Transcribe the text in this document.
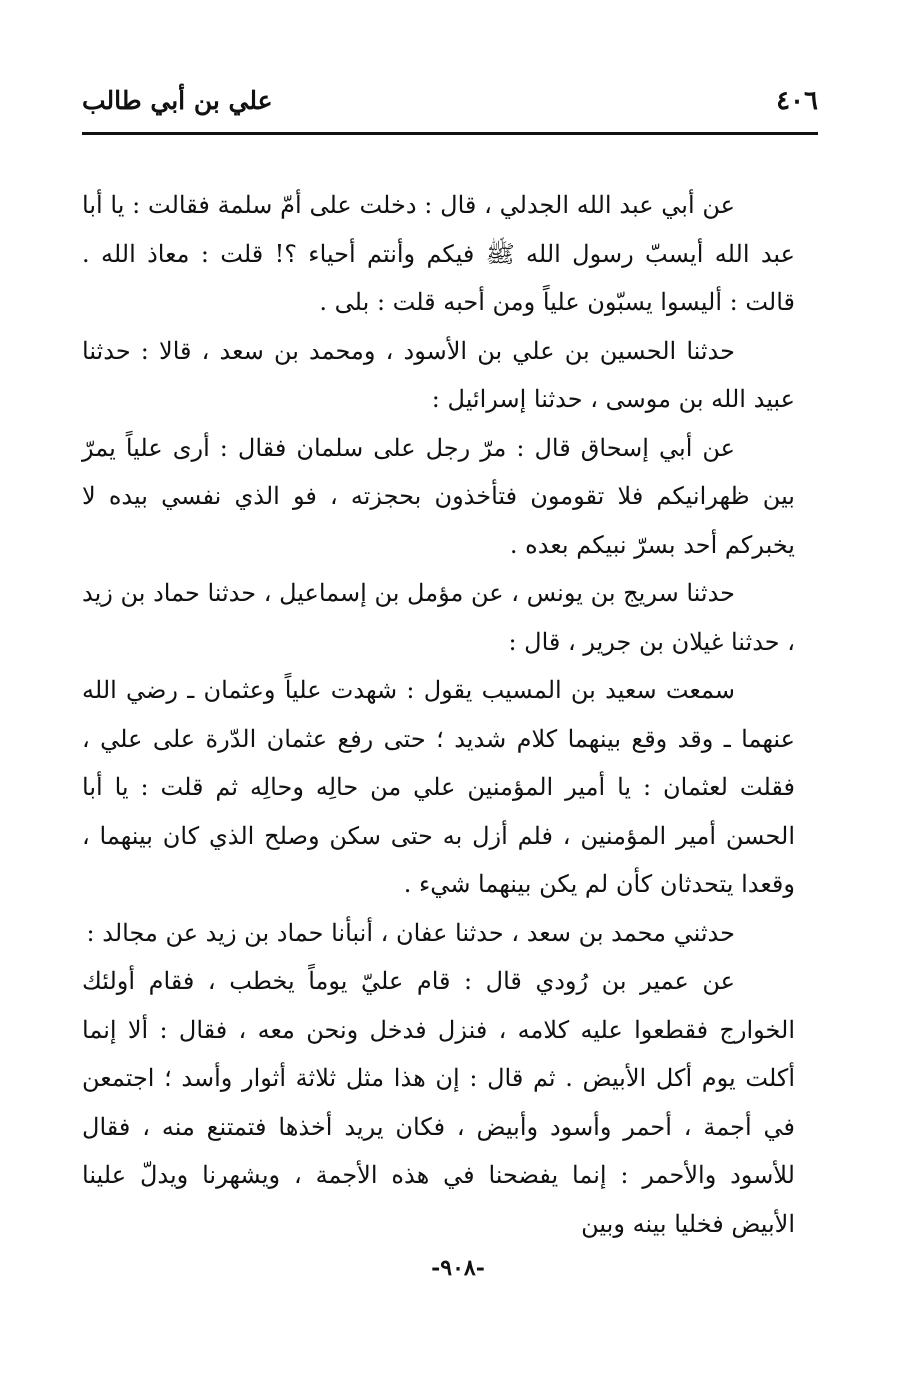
٤٠٦
علي بن أبي طالب

عن أبي عبد الله الجدلي ، قال : دخلت على أمّ سلمة فقالت : يا أبا عبد الله أيسبّ رسول الله ﷺ فيكم وأنتم أحياء ؟! قلت : معاذ الله . قالت : أليسوا يسبّون علياً ومن أحبه قلت : بلى .

حدثنا الحسين بن علي بن الأسود ، ومحمد بن سعد ، قالا : حدثنا عبيد الله بن موسى ، حدثنا إسرائيل :

عن أبي إسحاق قال : مرّ رجل على سلمان فقال : أرى علياً يمرّ بين ظهرانيكم فلا تقومون فتأخذون بحجزته ، فو الذي نفسي بيده لا يخبركم أحد بسرّ نبيكم بعده .

حدثنا سريج بن يونس ، عن مؤمل بن إسماعيل ، حدثنا حماد بن زيد ، حدثنا غيلان بن جرير ، قال :

سمعت سعيد بن المسيب يقول : شهدت علياً وعثمان ـ رضي الله عنهما ـ وقد وقع بينهما كلام شديد ؛ حتى رفع عثمان الدّرة على علي ، فقلت لعثمان : يا أمير المؤمنين علي من حالِه وحالِه ثم قلت : يا أبا الحسن أمير المؤمنين ، فلم أزل به حتى سكن وصلح الذي كان بينهما ، وقعدا يتحدثان كأن لم يكن بينهما شيء .

حدثني محمد بن سعد ، حدثنا عفان ، أنبأنا حماد بن زيد عن مجالد :

عن عمير بن رُودي قال : قام عليّ يوماً يخطب ، فقام أولئك الخوارج فقطعوا عليه كلامه ، فنزل فدخل ونحن معه ، فقال : ألا إنما أكلت يوم أكل الأبيض . ثم قال : إن هذا مثل ثلاثة أثوار وأسد ؛ اجتمعن في أجمة ، أحمر وأسود وأبيض ، فكان يريد أخذها فتمتنع منه ، فقال للأسود والأحمر : إنما يفضحنا في هذه الأجمة ، ويشهرنا ويدلّ علينا الأبيض فخليا بينه وبين

-٩٠٨-
